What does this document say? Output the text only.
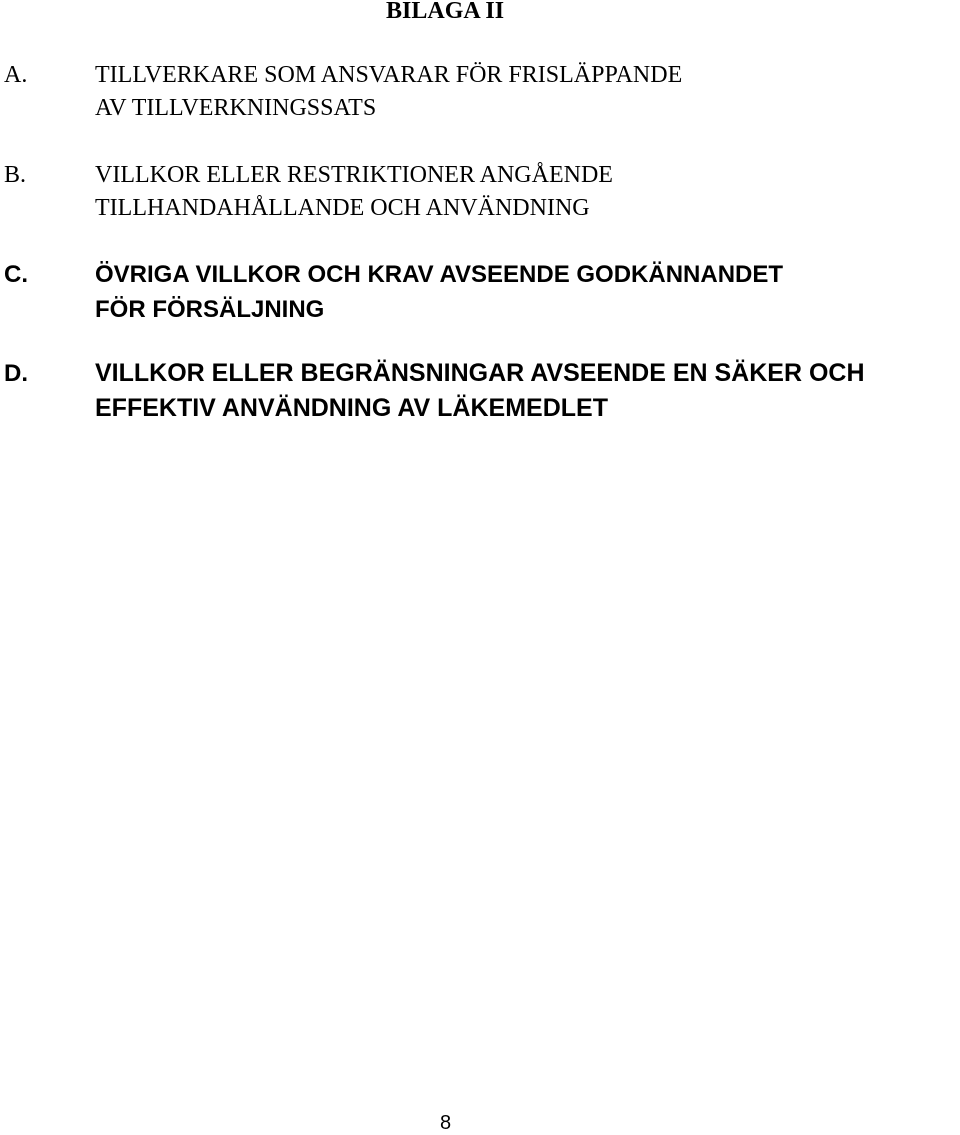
BILAGA II
A.	TILLVERKARE SOM ANSVARAR FÖR FRISLÄPPANDE
AV TILLVERKNINGSSATS
B.	VILLKOR ELLER RESTRIKTIONER ANGÅENDE
TILLHANDAHÅLLANDE OCH ANVÄNDNING
C.	ÖVRIGA VILLKOR OCH KRAV AVSEENDE GODKÄNNANDET
FÖR FÖRSÄLJNING
D.	VILLKOR ELLER BEGRÄNSNINGAR AVSEENDE EN SÄKER OCH
EFFEKTIV ANVÄNDNING AV LÄKEMEDLET

8
